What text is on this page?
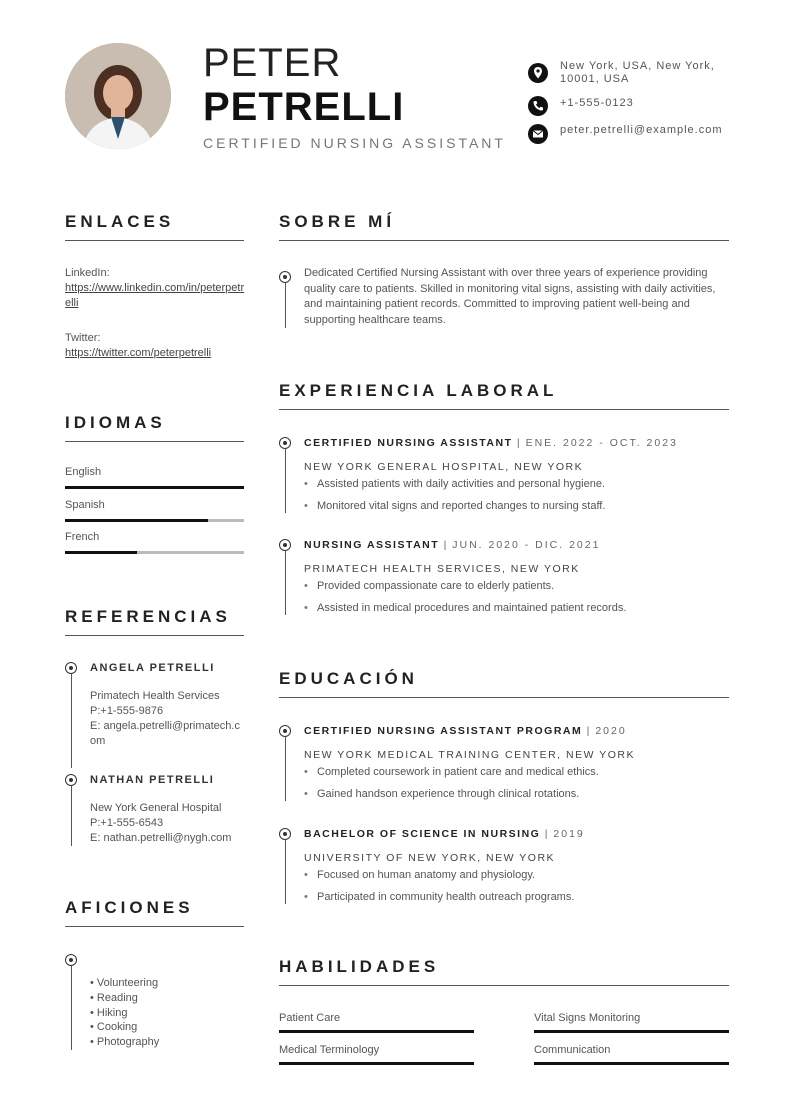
PETER
PETRELLI
CERTIFIED NURSING ASSISTANT
New York, USA, New York, 10001, USA
+1-555-0123
peter.petrelli@example.com
ENLACES
LinkedIn:
https://www.linkedin.com/in/peterpetrelli
Twitter:
https://twitter.com/peterpetrelli
IDIOMAS
English
Spanish
French
REFERENCIAS
ANGELA PETRELLI
Primatech Health Services
P:+1-555-9876
E: angela.petrelli@primatech.com
NATHAN PETRELLI
New York General Hospital
P:+1-555-6543
E: nathan.petrelli@nygh.com
AFICIONES
• Volunteering
• Reading
• Hiking
• Cooking
• Photography
SOBRE MÍ
Dedicated Certified Nursing Assistant with over three years of experience providing quality care to patients. Skilled in monitoring vital signs, assisting with daily activities, and maintaining patient records. Committed to improving patient well-being and supporting healthcare teams.
EXPERIENCIA LABORAL
CERTIFIED NURSING ASSISTANT | ENE. 2022 - OCT. 2023
NEW YORK GENERAL HOSPITAL, NEW YORK
• Assisted patients with daily activities and personal hygiene.
• Monitored vital signs and reported changes to nursing staff.
NURSING ASSISTANT | JUN. 2020 - DIC. 2021
PRIMATECH HEALTH SERVICES, NEW YORK
• Provided compassionate care to elderly patients.
• Assisted in medical procedures and maintained patient records.
EDUCACIÓN
CERTIFIED NURSING ASSISTANT PROGRAM | 2020
NEW YORK MEDICAL TRAINING CENTER, NEW YORK
• Completed coursework in patient care and medical ethics.
• Gained handson experience through clinical rotations.
BACHELOR OF SCIENCE IN NURSING | 2019
UNIVERSITY OF NEW YORK, NEW YORK
• Focused on human anatomy and physiology.
• Participated in community health outreach programs.
HABILIDADES
Patient Care	Vital Signs Monitoring
Medical Terminology	Communication
